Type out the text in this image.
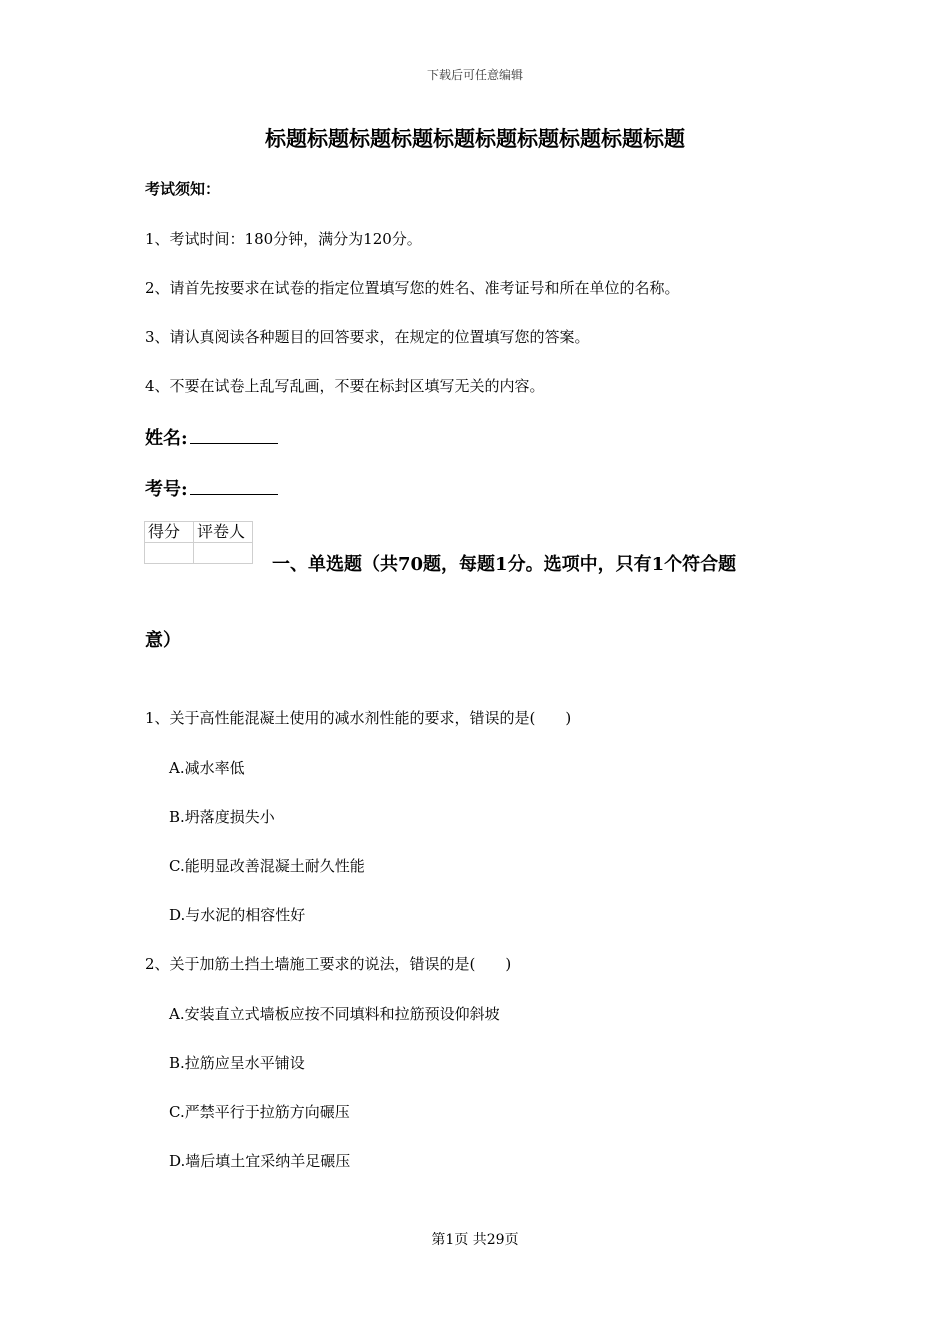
下载后可任意编辑
标题标题标题标题标题标题标题标题标题标题
考试须知：
1、考试时间：180分钟，满分为120分。
2、请首先按要求在试卷的指定位置填写您的姓名、准考证号和所在单位的名称。
3、请认真阅读各种题目的回答要求，在规定的位置填写您的答案。
4、不要在试卷上乱写乱画，不要在标封区填写无关的内容。
姓名:
考号:
得分	评卷人

一、单选题（共70题，每题1分。选项中，只有1个符合题
意）
1、关于高性能混凝土使用的减水剂性能的要求，错误的是(　　)
A.减水率低
B.坍落度损失小
C.能明显改善混凝土耐久性能
D.与水泥的相容性好
2、关于加筋土挡土墙施工要求的说法，错误的是(　　)
A.安装直立式墙板应按不同填料和拉筋预设仰斜坡
B.拉筋应呈水平铺设
C.严禁平行于拉筋方向碾压
D.墙后填土宜采纳羊足碾压
第1页 共29页
